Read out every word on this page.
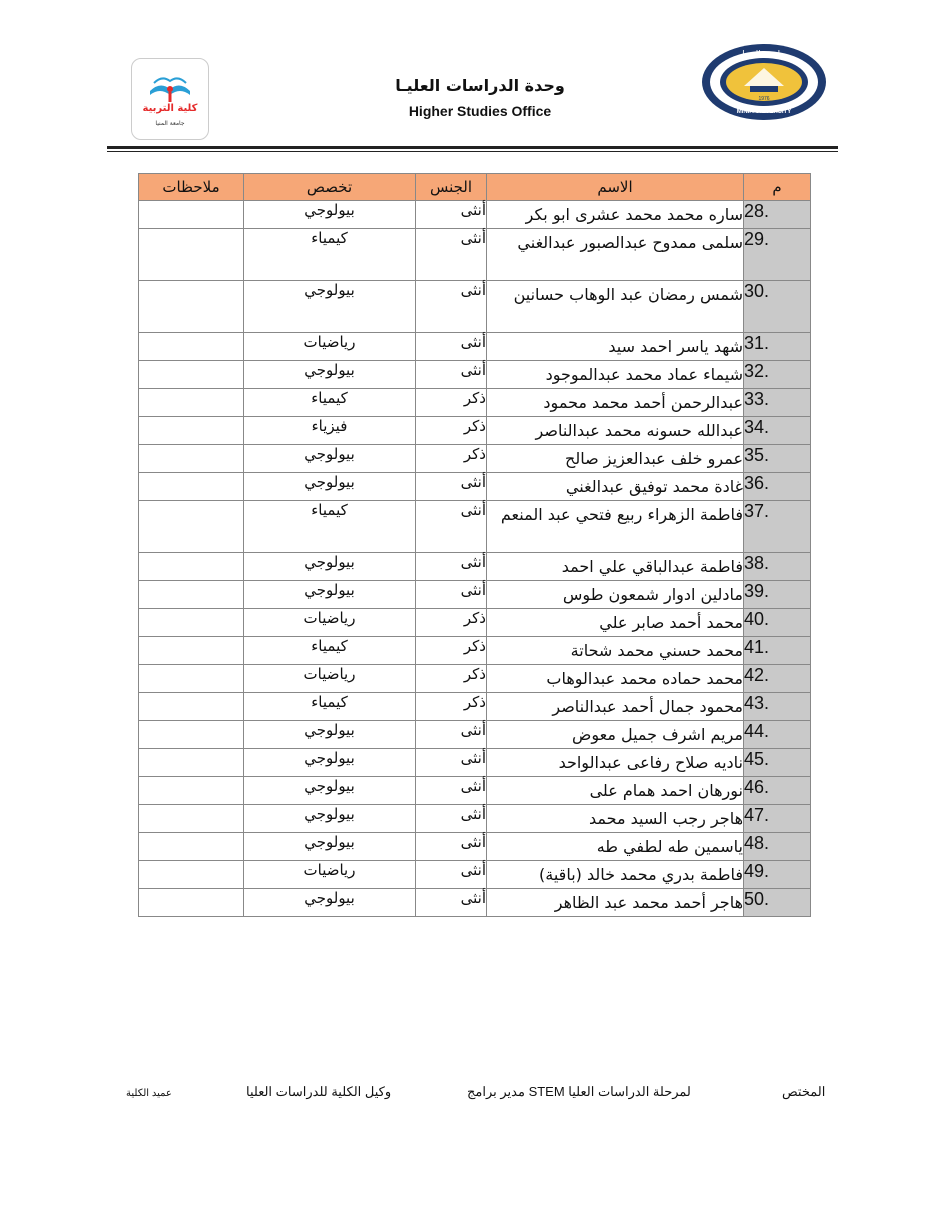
جامعة المنيا
1976
MINIA UNIVERSITY
كلية التربية
جامعة المنيا
وحدة الدراسات العليـا
Higher Studies Office
م	الاسم	الجنس	تخصص	ملاحظات
28.	ساره محمد محمد عشرى ابو بكر	أنثى	بيولوجي	
29.	سلمى ممدوح عبدالصبور عبدالغني	أنثى	كيمياء	
30.	شمس رمضان عبد الوهاب حسانين	أنثى	بيولوجي	
31.	شهد ياسر احمد سيد	أنثى	رياضيات	
32.	شيماء عماد محمد عبدالموجود	أنثى	بيولوجي	
33.	عبدالرحمن أحمد محمد محمود	ذكر	كيمياء	
34.	عبدالله حسونه محمد عبدالناصر	ذكر	فيزياء	
35.	عمرو خلف عبدالعزيز صالح	ذكر	بيولوجي	
36.	غادة محمد توفيق عبدالغني	أنثى	بيولوجي	
37.	فاطمة الزهراء ربيع فتحي عبد المنعم	أنثى	كيمياء	
38.	فاطمة عبدالباقي علي احمد	أنثى	بيولوجي	
39.	مادلين ادوار شمعون طوس	أنثى	بيولوجي	
40.	محمد أحمد صابر علي	ذكر	رياضيات	
41.	محمد حسني محمد شحاتة	ذكر	كيمياء	
42.	محمد حماده محمد عبدالوهاب	ذكر	رياضيات	
43.	محمود جمال أحمد عبدالناصر	ذكر	كيمياء	
44.	مريم اشرف جميل معوض	أنثى	بيولوجي	
45.	ناديه صلاح رفاعى عبدالواحد	أنثى	بيولوجي	
46.	نورهان احمد همام على	أنثى	بيولوجي	
47.	هاجر رجب السيد محمد	أنثى	بيولوجي	
48.	ياسمين طه لطفي طه	أنثى	بيولوجي	
49.	فاطمة بدري محمد خالد (باقية)	أنثى	رياضيات	
50.	هاجر أحمد محمد عبد الظاهر	أنثى	بيولوجي	
المختص
مدير برامج STEM لمرحلة الدراسات العليا
وكيل الكلية للدراسات العليا
عميد الكلية
